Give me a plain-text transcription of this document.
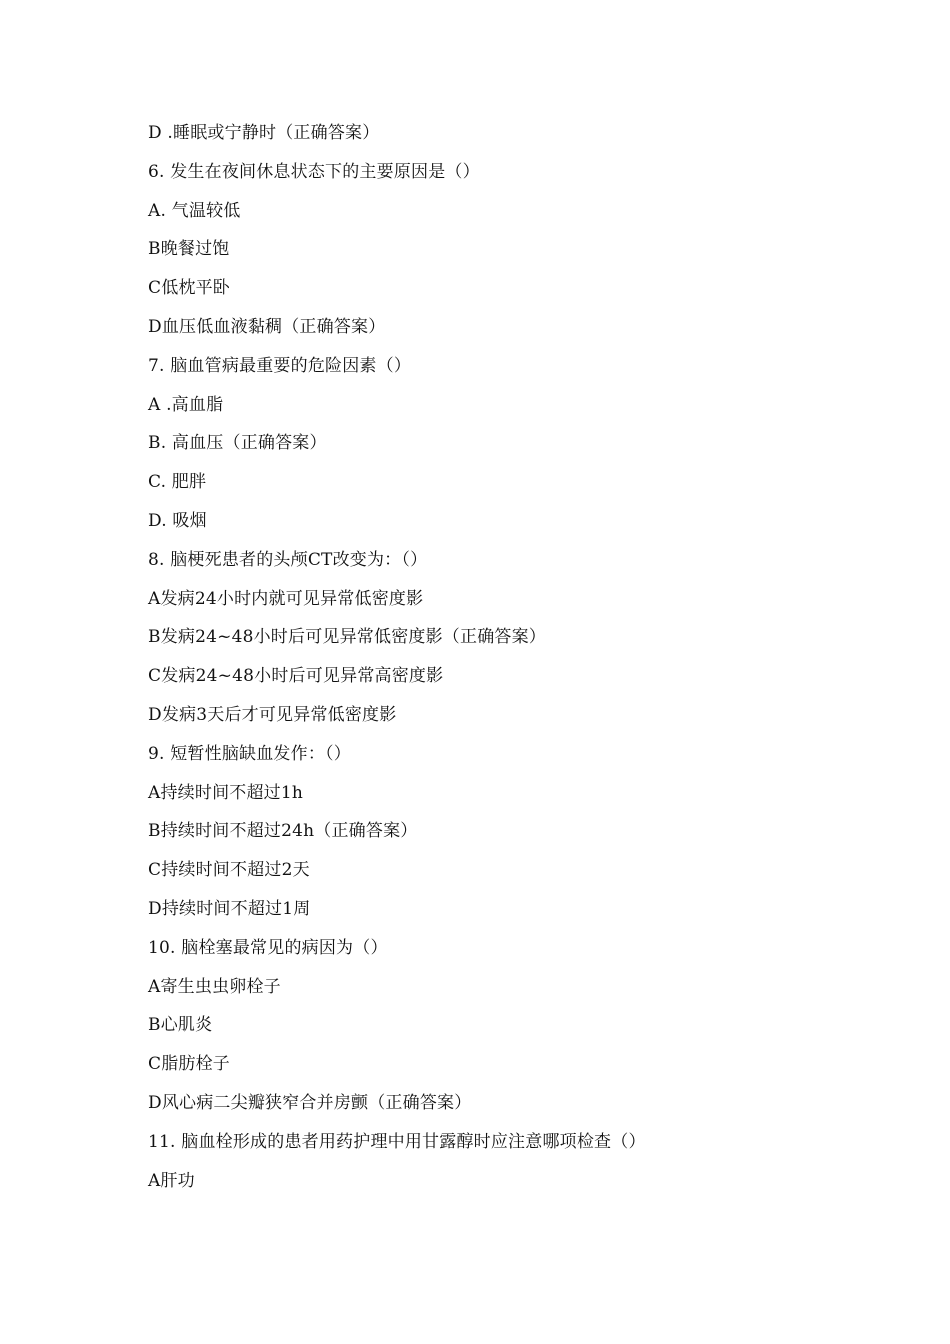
D .睡眠或宁静时（正确答案）
6. 发生在夜间休息状态下的主要原因是（）
A. 气温较低
B晚餐过饱
C低枕平卧
D血压低血液黏稠（正确答案）
7. 脑血管病最重要的危险因素（）
A .高血脂
B. 高血压（正确答案）
C. 肥胖
D. 吸烟
8. 脑梗死患者的头颅CT改变为：（）
A发病24小时内就可见异常低密度影
B发病24~48小时后可见异常低密度影（正确答案）
C发病24~48小时后可见异常高密度影
D发病3天后才可见异常低密度影
9. 短暂性脑缺血发作：（）
A持续时间不超过1h
B持续时间不超过24h（正确答案）
C持续时间不超过2天
D持续时间不超过1周
10. 脑栓塞最常见的病因为（）
A寄生虫虫卵栓子
B心肌炎
C脂肪栓子
D风心病二尖瓣狭窄合并房颤（正确答案）
11. 脑血栓形成的患者用药护理中用甘露醇时应注意哪项检查（）
A肝功
